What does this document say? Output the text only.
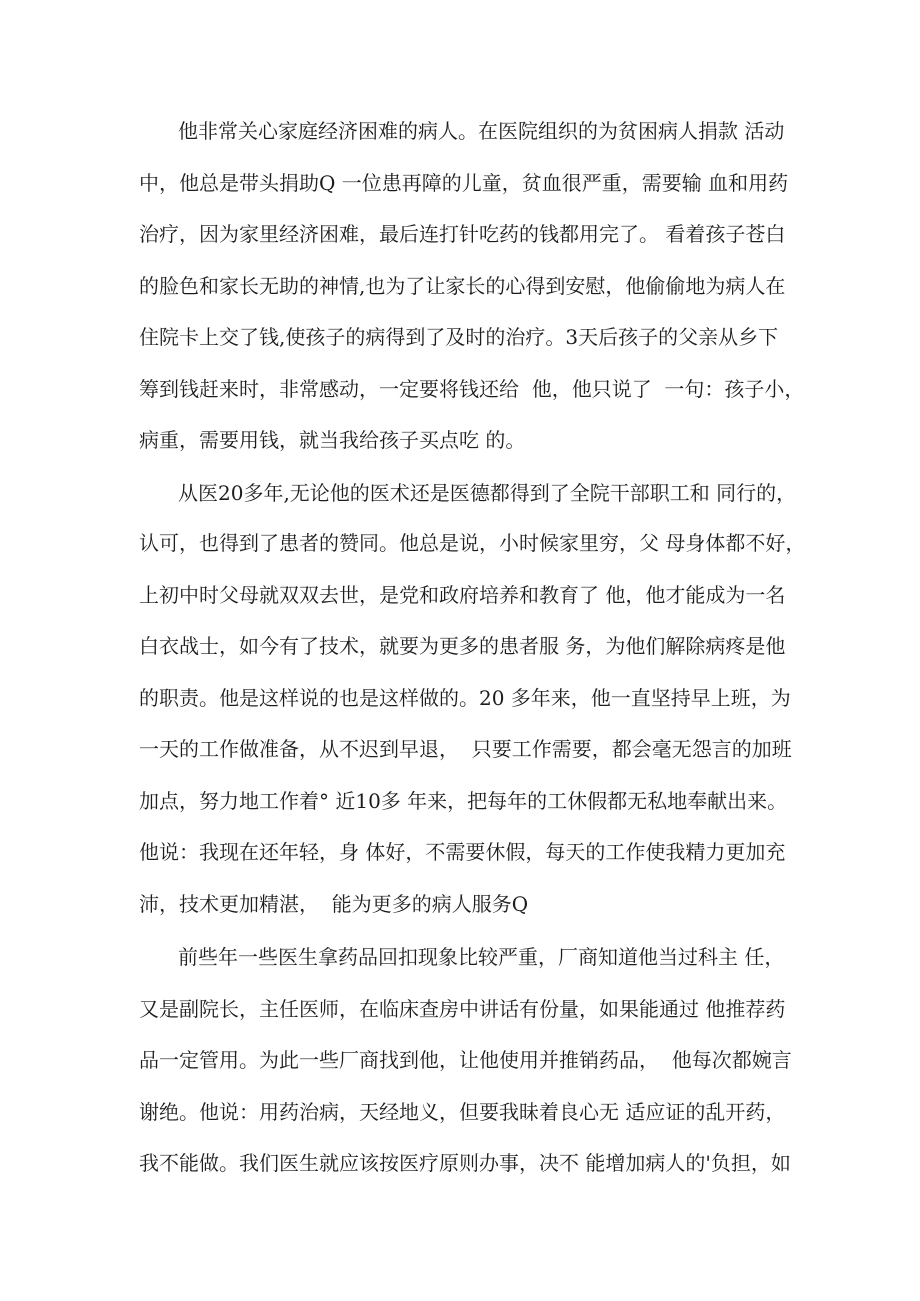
他非常关心家庭经济困难的病人。在医院组织的为贫困病人捐款 活动
中，他总是带头捐助Q 一位患再障的儿童，贫血很严重，需要输 血和用药
治疗，因为家里经济困难，最后连打针吃药的钱都用完了。 看着孩子苍白
的脸色和家长无助的神情,也为了让家长的心得到安慰，他偷偷地为病人在
住院卡上交了钱,使孩子的病得到了及时的治疗。3天后孩子的父亲从乡下
筹到钱赶来时，非常感动，一定要将钱还给  他，他只说了  一句：孩子小，
病重，需要用钱，就当我给孩子买点吃 的。
从医20多年,无论他的医术还是医德都得到了全院干部职工和 同行的，
认可，也得到了患者的赞同。他总是说，小时候家里穷，父 母身体都不好，
上初中时父母就双双去世，是党和政府培养和教育了 他，他才能成为一名
白衣战士，如今有了技术，就要为更多的患者服 务，为他们解除病疼是他
的职责。他是这样说的也是这样做的。20 多年来，他一直坚持早上班，为
一天的工作做准备，从不迟到早退，  只要工作需要，都会毫无怨言的加班
加点，努力地工作着° 近10多 年来，把每年的工休假都无私地奉献出来。
他说：我现在还年轻，身 体好，不需要休假，每天的工作使我精力更加充
沛，技术更加精湛，  能为更多的病人服务Q
前些年一些医生拿药品回扣现象比较严重，厂商知道他当过科主 任，
又是副院长，主任医师，在临床查房中讲话有份量，如果能通过 他推荐药
品一定管用。为此一些厂商找到他，让他使用并推销药品，  他每次都婉言
谢绝。他说：用药治病，天经地义，但要我昧着良心无 适应证的乱开药，
我不能做。我们医生就应该按医疗原则办事，决不 能增加病人的'负担，如
